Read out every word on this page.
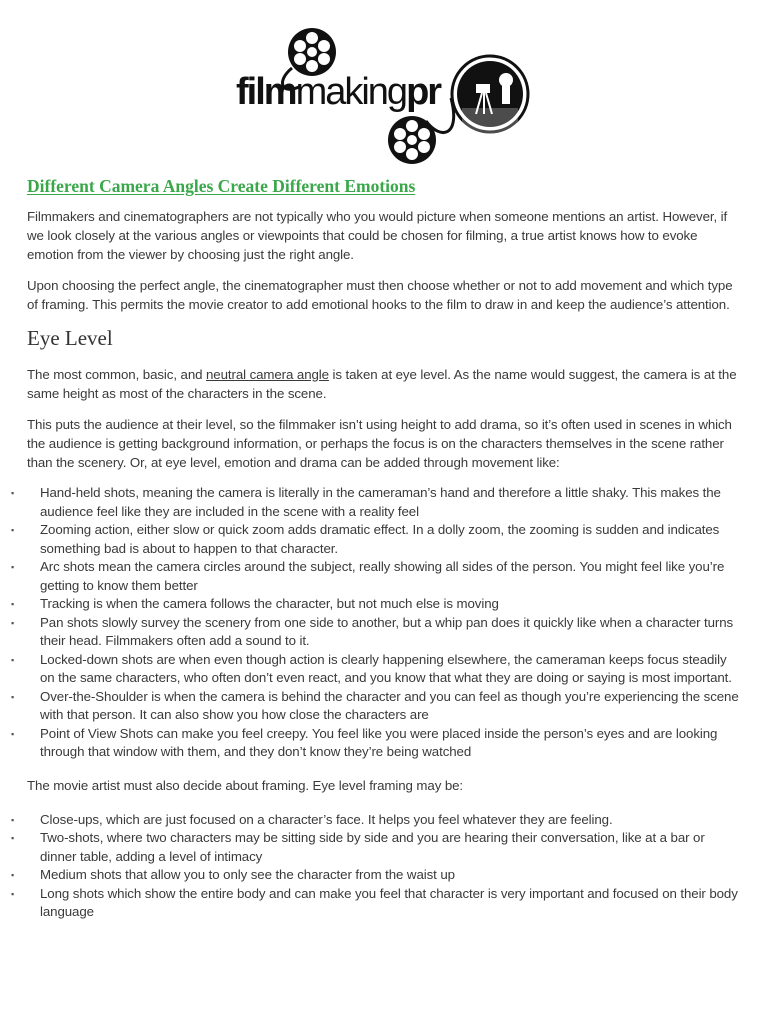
filmmakingpr
Different Camera Angles Create Different Emotions

Filmmakers and cinematographers are not typically who you would picture when someone mentions an artist. However, if we look closely at the various angles or viewpoints that could be chosen for filming, a true artist knows how to evoke emotion from the viewer by choosing just the right angle.

Upon choosing the perfect angle, the cinematographer must then choose whether or not to add movement and which type of framing. This permits the movie creator to add emotional hooks to the film to draw in and keep the audience’s attention.

Eye Level

The most common, basic, and neutral camera angle is taken at eye level. As the name would suggest, the camera is at the same height as most of the characters in the scene.

This puts the audience at their level, so the filmmaker isn’t using height to add drama, so it’s often used in scenes in which the audience is getting background information, or perhaps the focus is on the characters themselves in the scene rather than the scenery. Or, at eye level, emotion and drama can be added through movement like:

▪ Hand-held shots, meaning the camera is literally in the cameraman’s hand and therefore a little shaky. This makes the audience feel like they are included in the scene with a reality feel
▪ Zooming action, either slow or quick zoom adds dramatic effect. In a dolly zoom, the zooming is sudden and indicates something bad is about to happen to that character.
▪ Arc shots mean the camera circles around the subject, really showing all sides of the person. You might feel like you’re getting to know them better
▪ Tracking is when the camera follows the character, but not much else is moving
▪ Pan shots slowly survey the scenery from one side to another, but a whip pan does it quickly like when a character turns their head. Filmmakers often add a sound to it.
▪ Locked-down shots are when even though action is clearly happening elsewhere, the cameraman keeps focus steadily on the same characters, who often don’t even react, and you know that what they are doing or saying is most important.
▪ Over-the-Shoulder is when the camera is behind the character and you can feel as though you’re experiencing the scene with that person. It can also show you how close the characters are
▪ Point of View Shots can make you feel creepy. You feel like you were placed inside the person’s eyes and are looking through that window with them, and they don’t know they’re being watched

The movie artist must also decide about framing. Eye level framing may be:

▪ Close-ups, which are just focused on a character’s face. It helps you feel whatever they are feeling.
▪ Two-shots, where two characters may be sitting side by side and you are hearing their conversation, like at a bar or dinner table, adding a level of intimacy
▪ Medium shots that allow you to only see the character from the waist up
▪ Long shots which show the entire body and can make you feel that character is very important and focused on their body language
